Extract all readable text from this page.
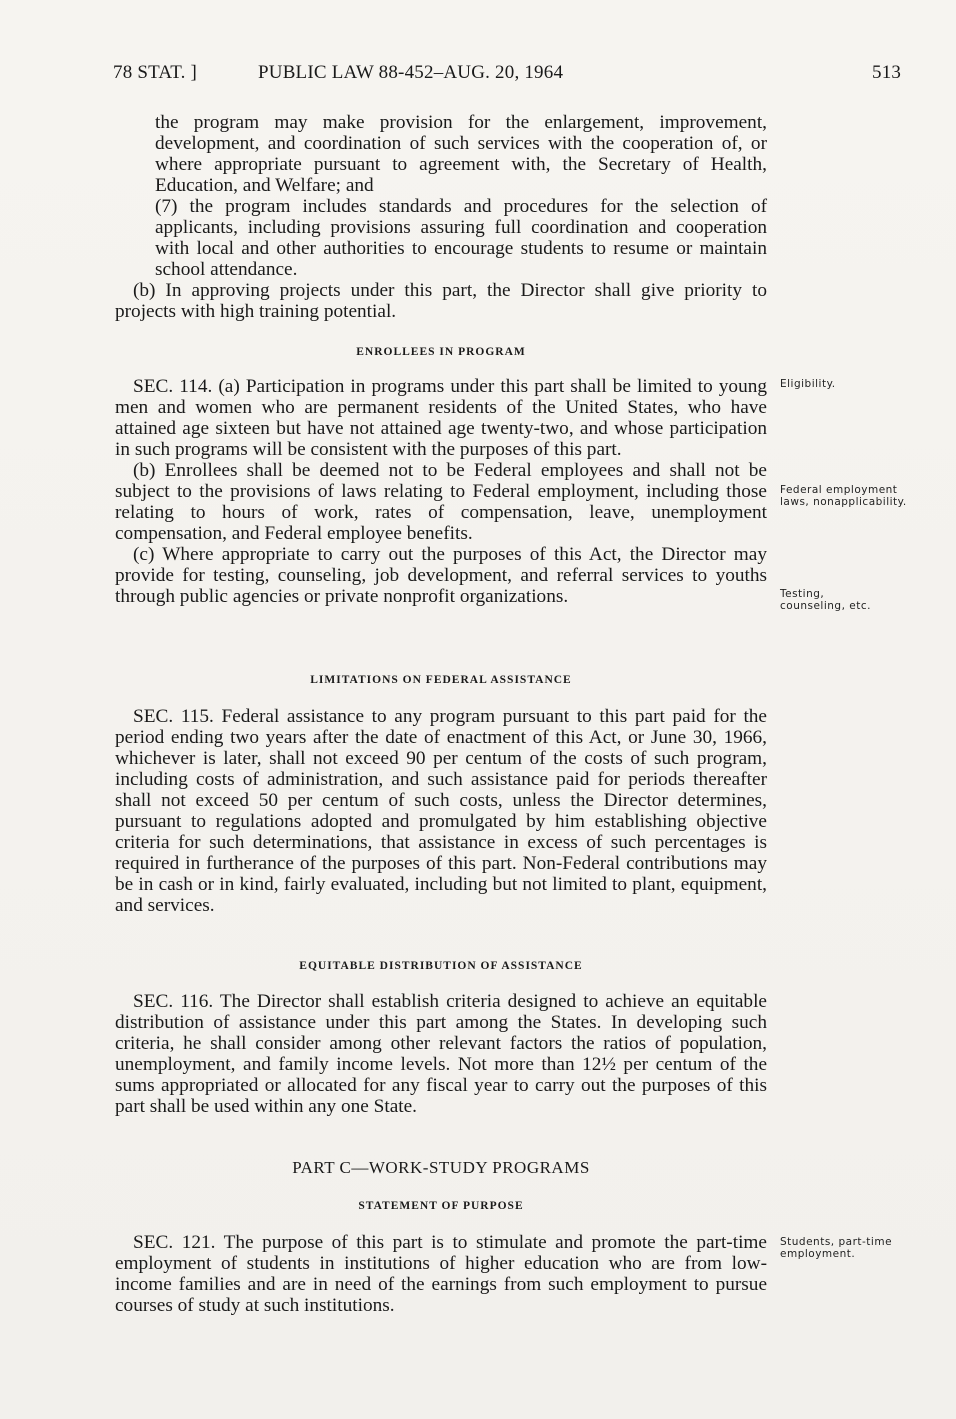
78 STAT. ]	PUBLIC LAW 88-452–AUG. 20, 1964	513

the program may make provision for the enlargement, improvement, development, and coordination of such services with the cooperation of, or where appropriate pursuant to agreement with, the Secretary of Health, Education, and Welfare; and

(7) the program includes standards and procedures for the selection of applicants, including provisions assuring full coordination and cooperation with local and other authorities to encourage students to resume or maintain school attendance.

(b) In approving projects under this part, the Director shall give priority to projects with high training potential.

ENROLLEES IN PROGRAM

SEC. 114. (a) Participation in programs under this part shall be limited to young men and women who are permanent residents of the United States, who have attained age sixteen but have not attained age twenty-two, and whose participation in such programs will be consistent with the purposes of this part.

(b) Enrollees shall be deemed not to be Federal employees and shall not be subject to the provisions of laws relating to Federal employment, including those relating to hours of work, rates of compensation, leave, unemployment compensation, and Federal employee benefits.

(c) Where appropriate to carry out the purposes of this Act, the Director may provide for testing, counseling, job development, and referral services to youths through public agencies or private nonprofit organizations.

LIMITATIONS ON FEDERAL ASSISTANCE

SEC. 115. Federal assistance to any program pursuant to this part paid for the period ending two years after the date of enactment of this Act, or June 30, 1966, whichever is later, shall not exceed 90 per centum of the costs of such program, including costs of administration, and such assistance paid for periods thereafter shall not exceed 50 per centum of such costs, unless the Director determines, pursuant to regulations adopted and promulgated by him establishing objective criteria for such determinations, that assistance in excess of such percentages is required in furtherance of the purposes of this part. Non-Federal contributions may be in cash or in kind, fairly evaluated, including but not limited to plant, equipment, and services.

EQUITABLE DISTRIBUTION OF ASSISTANCE

SEC. 116. The Director shall establish criteria designed to achieve an equitable distribution of assistance under this part among the States. In developing such criteria, he shall consider among other relevant factors the ratios of population, unemployment, and family income levels. Not more than 12½ per centum of the sums appropriated or allocated for any fiscal year to carry out the purposes of this part shall be used within any one State.

PART C—WORK-STUDY PROGRAMS
STATEMENT OF PURPOSE

SEC. 121. The purpose of this part is to stimulate and promote the part-time employment of students in institutions of higher education who are from low-income families and are in need of the earnings from such employment to pursue courses of study at such institutions.

Eligibility.
Federal employment laws, nonapplicability.
Testing, counseling, etc.
Students, part-time employment.
